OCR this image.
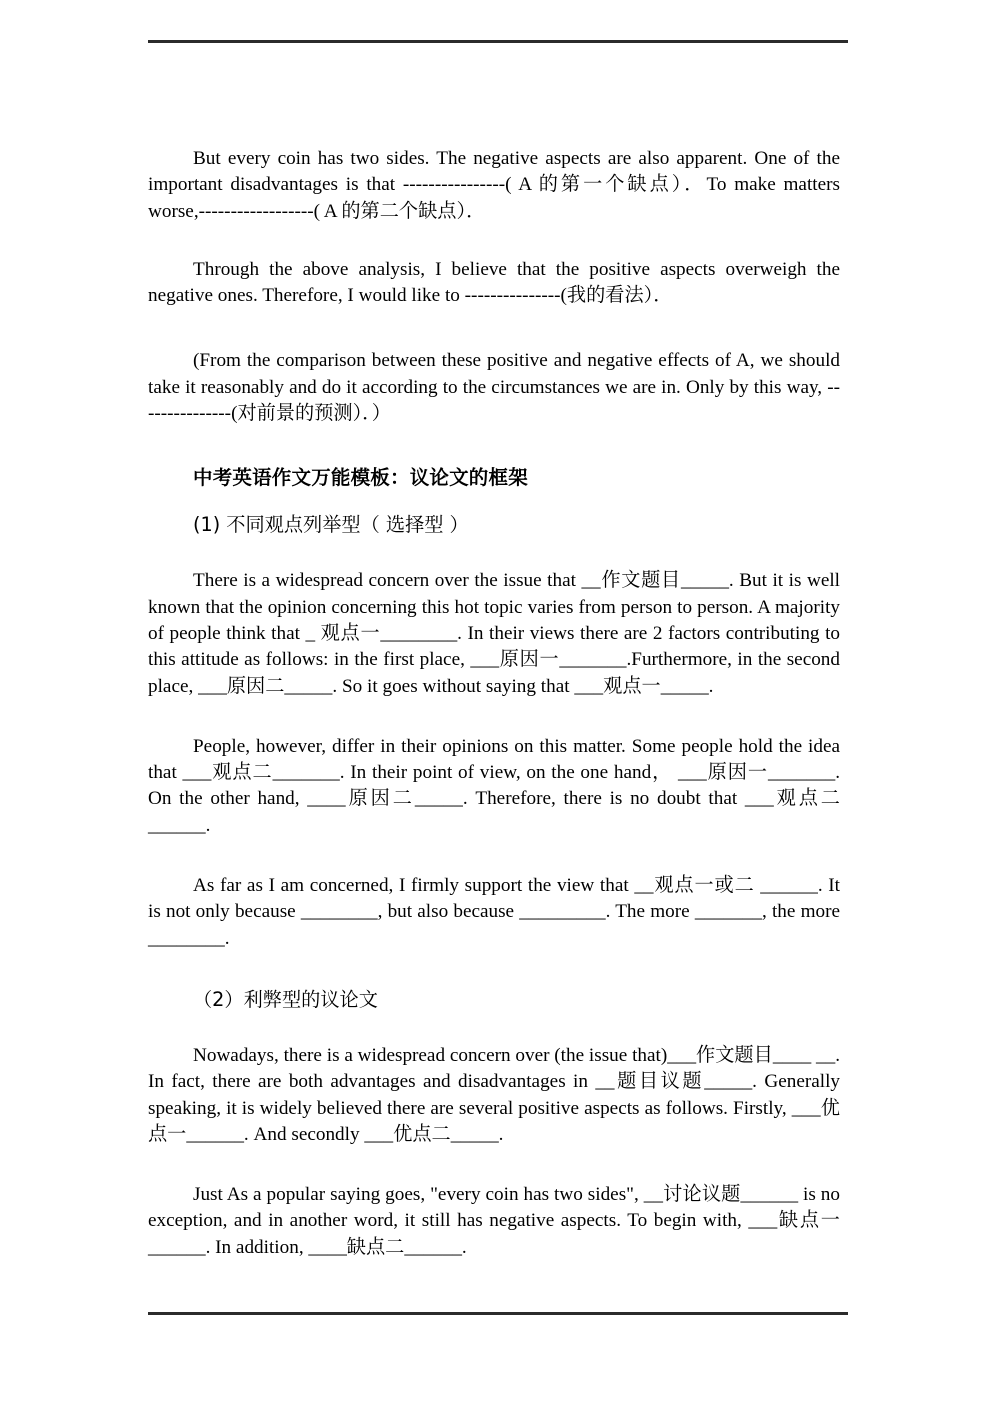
But every coin has two sides. The negative aspects are also apparent. One of the important disadvantages is that ----------------( A 的第一个缺点）．To make matters worse,------------------( A 的第二个缺点）．

Through the above analysis, I believe that the positive aspects overweigh the negative ones. Therefore, I would like to ---------------(我的看法）．

(From the comparison between these positive and negative effects of A, we should take it reasonably and do it according to the circumstances we are in. Only by this way, ---------------(对前景的预测）．）

中考英语作文万能模板：议论文的框架

(1) 不同观点列举型（ 选择型 ）

There is a widespread concern over the issue that __作文题目_____. But it is well known that the opinion concerning this hot topic varies from person to person. A majority of people think that _ 观点一________. In their views there are 2 factors contributing to this attitude as follows: in the first place, ___原因一_______.Furthermore, in the second place, ___原因二_____. So it goes without saying that ___观点一_____.

People, however, differ in their opinions on this matter. Some people hold the idea that ___观点二_______. In their point of view, on the one hand， ___原因一_______. On the other hand, ____原因二_____. Therefore, there is no doubt that ___观点二______.

As far as I am concerned, I firmly support the view that __观点一或二 ______. It is not only because ________, but also because _________. The more _______, the more ________.

（2）利弊型的议论文

Nowadays, there is a widespread concern over (the issue that)___作文题目____ __. In fact, there are both advantages and disadvantages in __题目议题_____. Generally speaking, it is widely believed there are several positive aspects as follows. Firstly, ___优点一______. And secondly ___优点二_____.

Just As a popular saying goes, "every coin has two sides", __讨论议题______ is no exception, and in another word, it still has negative aspects. To begin with, ___缺点一______. In addition, ____缺点二______.
